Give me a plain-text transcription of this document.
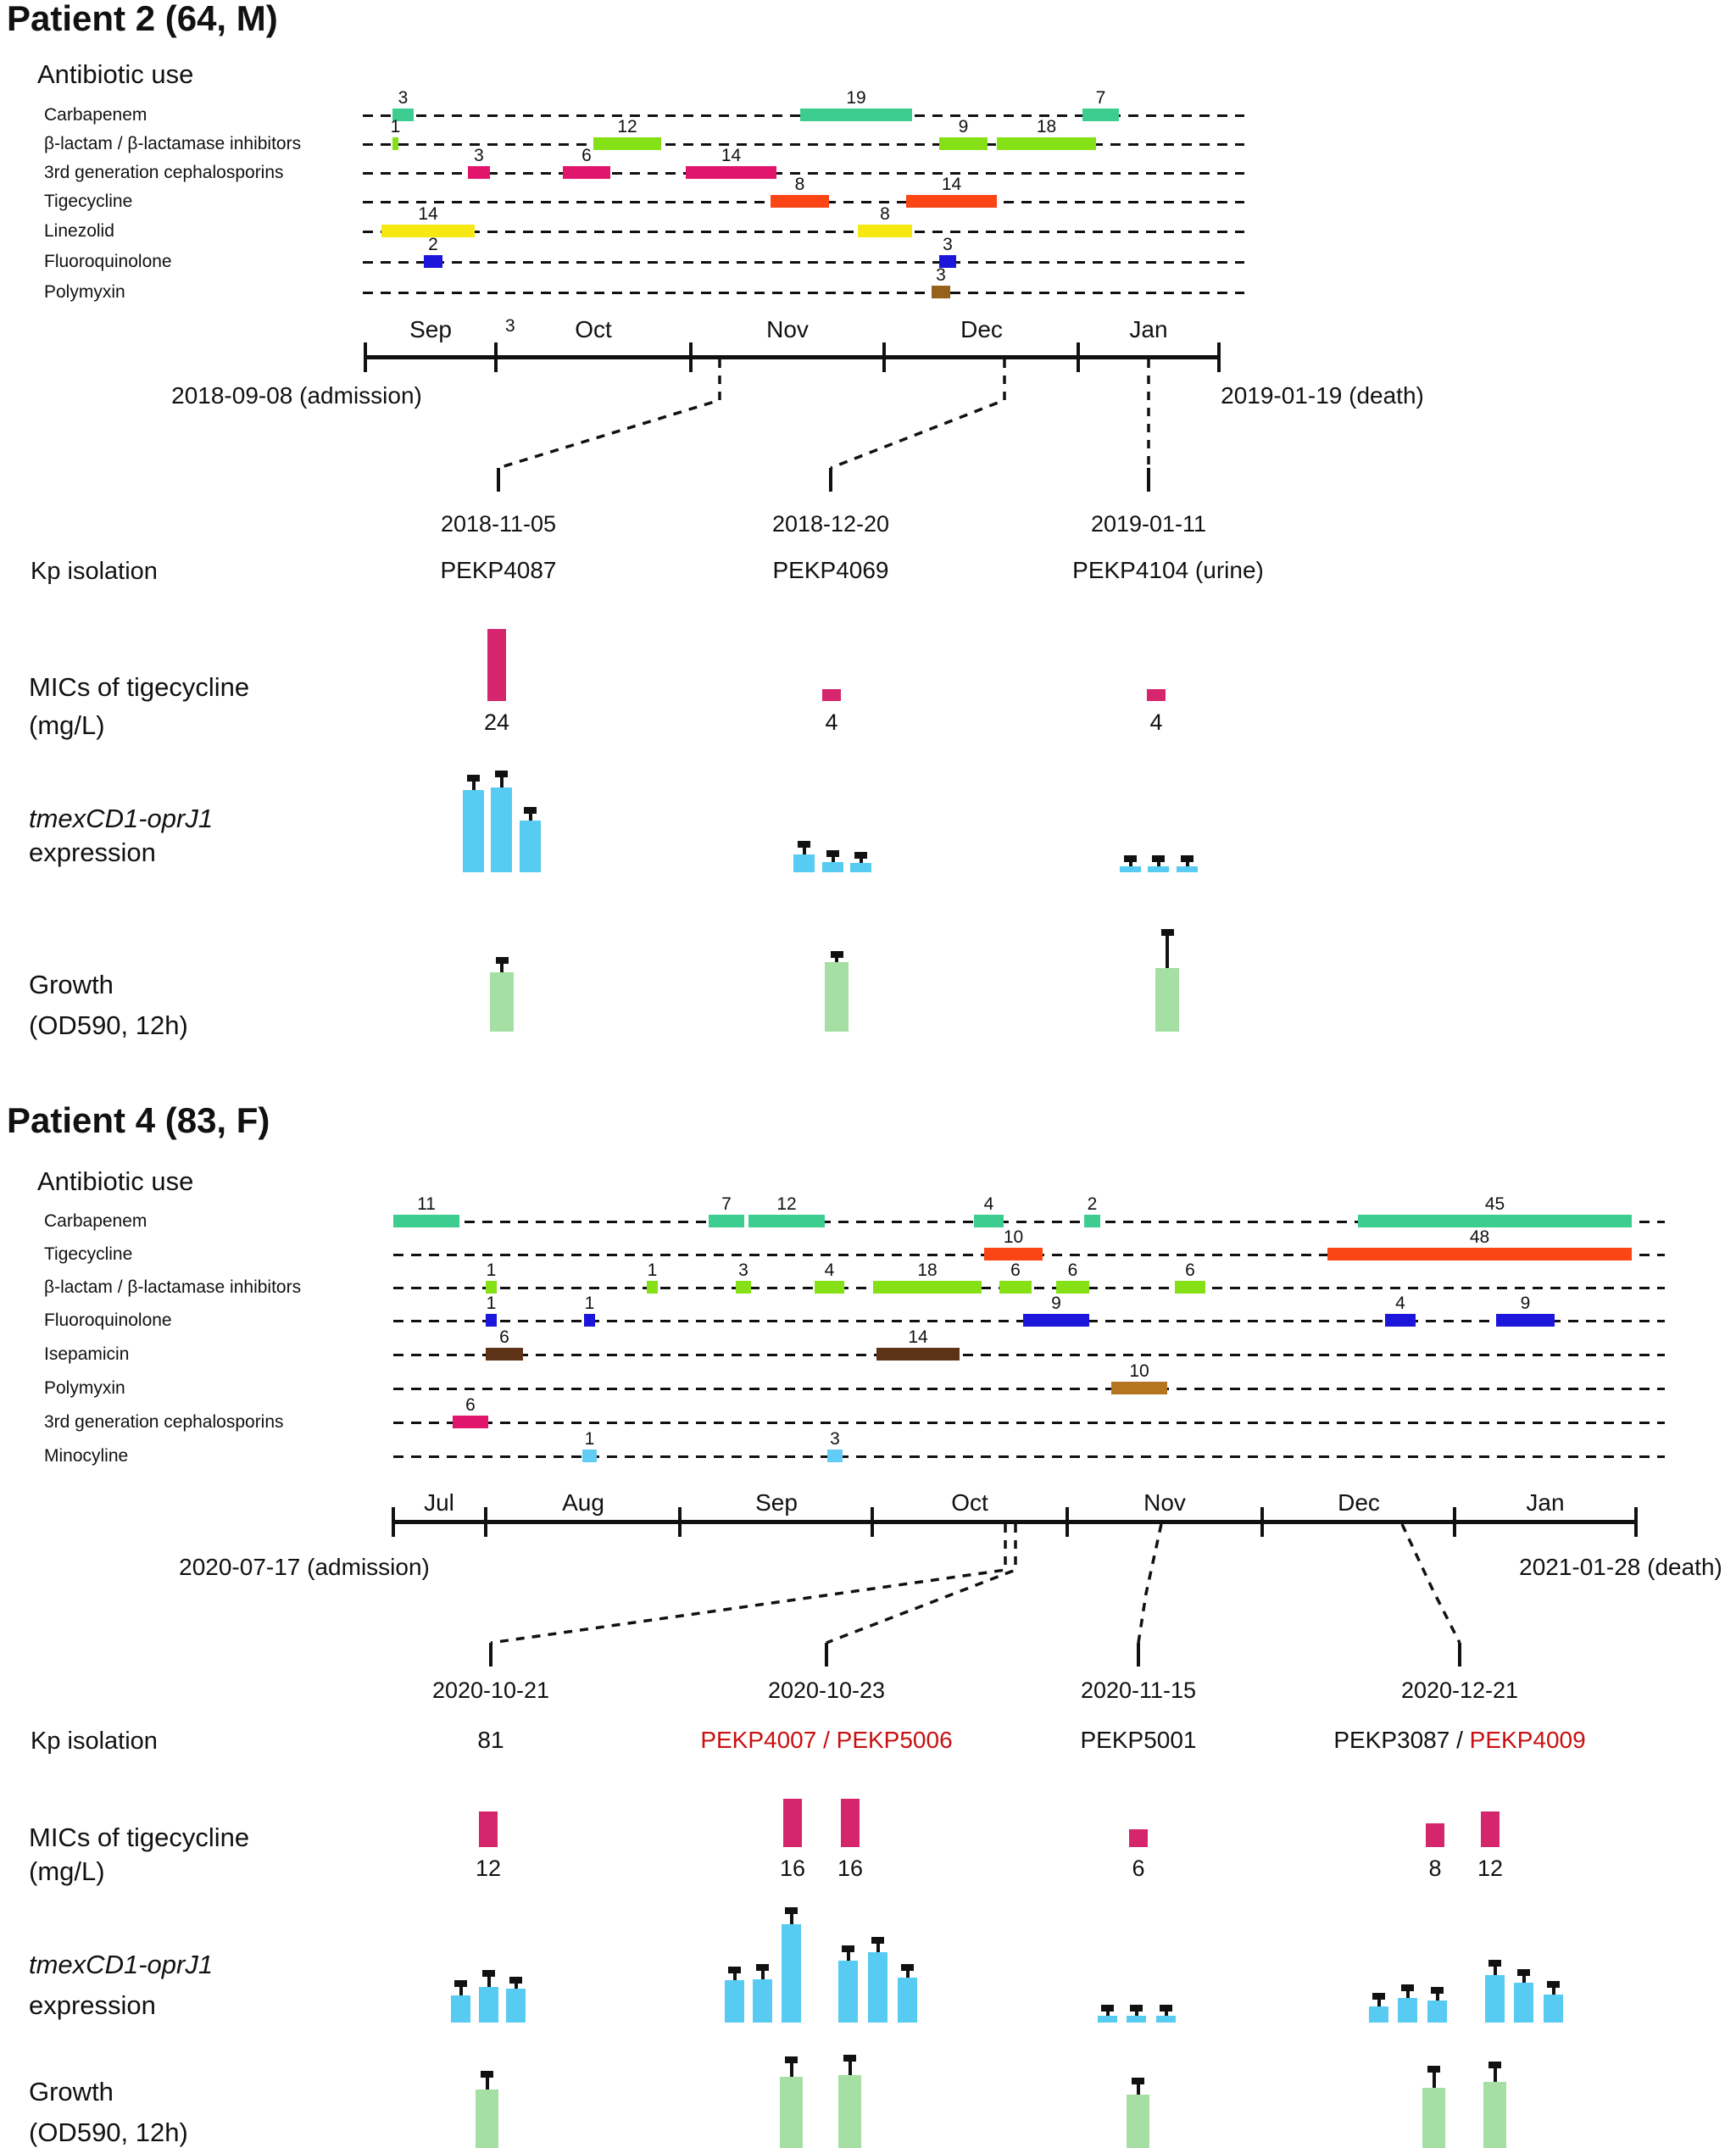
Patient 2 (64, M)
Antibiotic use
Carbapenem
3	19	7
β-lactam / β-lactamase inhibitors
1	12	9	18
3rd generation cephalosporins
3	6	14
Tigecycline
8	14
Linezolid
14	8
Fluoroquinolone
2	3
Polymyxin
3
Sep	Oct	Nov	Dec	Jan
3
2018-09-08 (admission)	2019-01-19 (death)
Kp isolation
2018-11-05
PEKP4087
2018-12-20
PEKP4069
2019-01-11
PEKP4104 (urine)
MICs of tigecycline
(mg/L)	24	4	4
tmexCD1-oprJ1
expression
Growth
(OD590, 12h)
Patient 4 (83, F)
Antibiotic use
Carbapenem
11	7	12	4	2	45
Tigecycline
10	48
β-lactam / β-lactamase inhibitors
1	1	3	4	18	6	6	6
Fluoroquinolone
1	1	9	4	9
Isepamicin
6	14
Polymyxin
10
3rd generation cephalosporins
6
Minocyline
1	3
Jul	Aug	Sep	Oct	Nov	Dec	Jan
2020-07-17 (admission)	2021-01-28 (death)
Kp isolation
2020-10-21
81
2020-10-23
PEKP4007 / PEKP5006
2020-11-15
PEKP5001
2020-12-21
PEKP3087 / PEKP4009
MICs of tigecycline
(mg/L)	12	16	16	6	8	12
tmexCD1-oprJ1
expression
Growth
(OD590, 12h)
